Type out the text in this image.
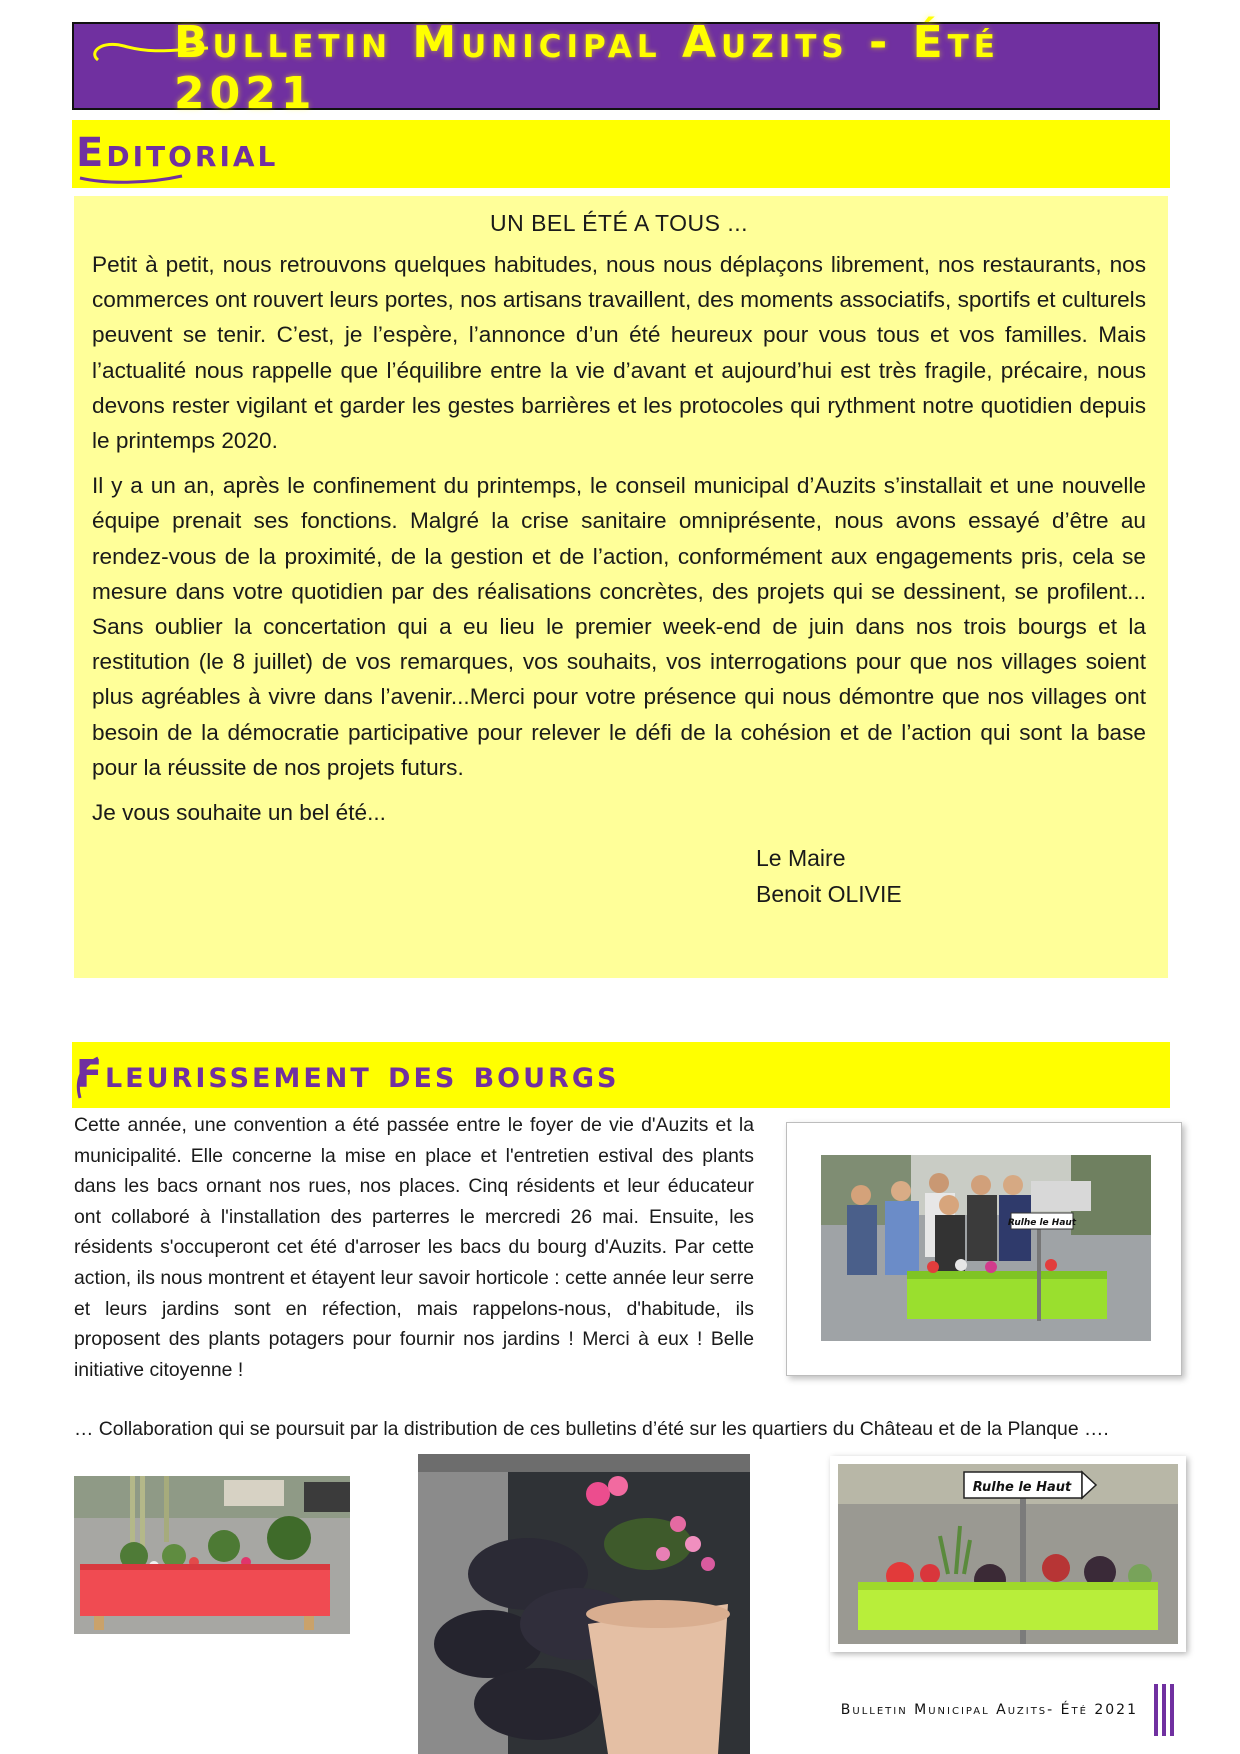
Bulletin Municipal Auzits - Été 2021
Editorial
UN BEL ÉTÉ A TOUS ...

Petit à petit, nous retrouvons quelques habitudes, nous nous déplaçons librement, nos restaurants, nos commerces ont rouvert leurs portes, nos artisans travaillent, des moments associatifs, sportifs et culturels peuvent se tenir. C’est, je l’espère, l’annonce d’un été heureux pour vous tous et vos familles. Mais l’actualité nous rappelle que l’équilibre entre la vie d’avant et aujourd’hui est très fragile, précaire, nous devons rester vigilant et garder les gestes barrières et les protocoles qui rythment notre quotidien depuis le printemps 2020.

Il y a un an, après le confinement du printemps, le conseil municipal d’Auzits s’installait et une nouvelle équipe prenait ses fonctions. Malgré la crise sanitaire omniprésente, nous avons essayé d’être au rendez-vous de la proximité, de la gestion et de l’action, conformément aux engagements pris, cela se mesure dans votre quotidien par des réalisations concrètes, des projets qui se dessinent, se profilent... Sans oublier la concertation qui a eu lieu le premier week-end de juin dans nos trois bourgs et la restitution (le 8 juillet) de vos remarques, vos souhaits, vos interrogations pour que nos villages soient plus agréables à vivre dans l’avenir...Merci pour votre présence qui nous démontre que nos villages ont besoin de la démocratie participative pour relever le défi de la cohésion et de l’action qui sont la base pour la réussite de nos projets futurs.

Je vous souhaite un bel été...

Le Maire
Benoit OLIVIE
Fleurissement des bourgs
Cette année, une convention a été passée entre le foyer de vie d'Auzits et la municipalité. Elle concerne la mise en place et l'entretien estival des plants dans les bacs ornant nos rues, nos places. Cinq résidents et leur éducateur ont collaboré à l'installation des parterres le mercredi 26 mai. Ensuite, les résidents s'occuperont cet été d'arroser les bacs du bourg d'Auzits. Par cette action, ils nous montrent et étayent leur savoir horticole : cette année leur serre et leurs jardins sont en réfection, mais rappelons-nous, d'habitude, ils proposent des plants potagers pour fournir nos jardins ! Merci à eux ! Belle initiative citoyenne !
… Collaboration qui se poursuit par la distribution de ces bulletins d’été sur les quartiers du Château et de la Planque ….
Rulhe le Haut
Rulhe le Haut
Bulletin Municipal Auzits- Été 2021
